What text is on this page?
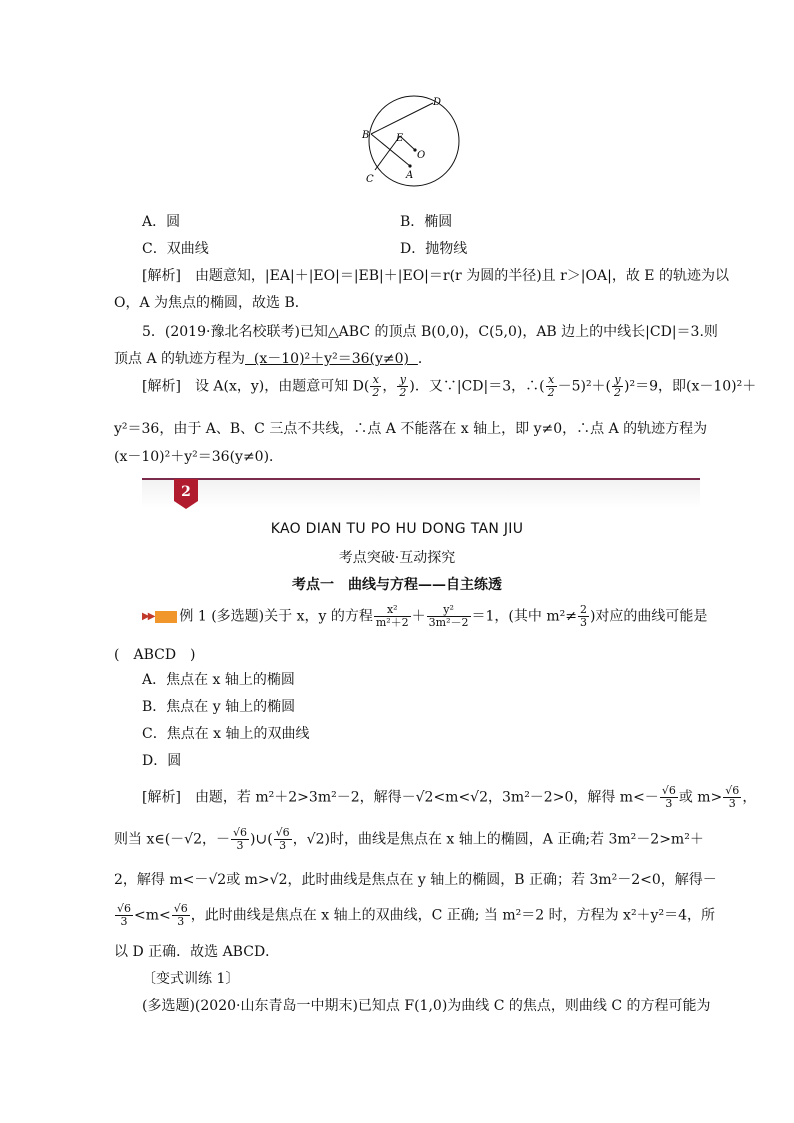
D
B	E
O
C	A
A．圆	B．椭圆
C．双曲线	D．抛物线
[解析]　 由题意知，|EA|＋|EO|＝|EB|＋|EO|＝r(r 为圆的半径)且 r＞|OA|，故 E 的轨迹为以
O，A 为焦点的椭圆，故选 B．
5．(2019·豫北名校联考)已知△ABC 的顶点 B(0,0)，C(5,0)，AB 边上的中线长|CD|＝3.则
顶点 A 的轨迹方程为 (x－10)²＋y²＝36(y≠0) ．
[解析]　 设 A(x，y)，由题意可知 $D( \frac{x}{2}$ ， $\frac{y}{2}$ )．又∵|CD|＝3，∴( $\frac{x}{2} -5)^2+( \frac{y}{2} )^2=9$，即(x－10)²＋
y²＝36，由于 A、B、C 三点不共线，∴点 A 不能落在 x 轴上，即 y≠0，∴点 A 的轨迹方程为
(x－10)²＋y²＝36(y≠0)．
2
KAO DIAN TU PO HU DONG TAN JIU
考点突破·互动探究
考点一　曲线与方程——自主练透
▶▶ 例 1 (多选题)关于 x，y 的方程 $\frac{\text{x²}}{\text{m²＋2}} + \frac{\text{y²}}{\text{3m²－2}} =1$，(其中 $m^2\ne \frac{2}{3}$ )对应的曲线可能是
(　ABCD　)
A．焦点在 x 轴上的椭圆
B．焦点在 y 轴上的椭圆
C．焦点在 x 轴上的双曲线
D．圆
[解析]　 由题，若 m²＋2>3m²－2，解得－√2<m<√2，3m²－2>0，解得 $m<- \frac{√6}{3}$ 或 $m> \frac{√6}{3}$ ，
则当 x∈(－√2，－ $\frac{√6}{3}$ )∪( $\frac{√6}{3}$ ，√2)时，曲线是焦点在 x 轴上的椭圆，A 正确;若 3m²－2>m²＋
2，解得 m<－√2或 m>√2，此时曲线是焦点在 y 轴上的椭圆，B 正确；若 3m²－2<0，解得－
$\frac{√6}{3} <m< \frac{√6}{3}$ ，此时曲线是焦点在 x 轴上的双曲线，C 正确; 当 m²＝2 时，方程为 x²＋y²＝4，所
以 D 正确．故选 ABCD．
〔变式训练 1〕
(多选题)(2020·山东青岛一中期末)已知点 F(1,0)为曲线 C 的焦点，则曲线 C 的方程可能为
